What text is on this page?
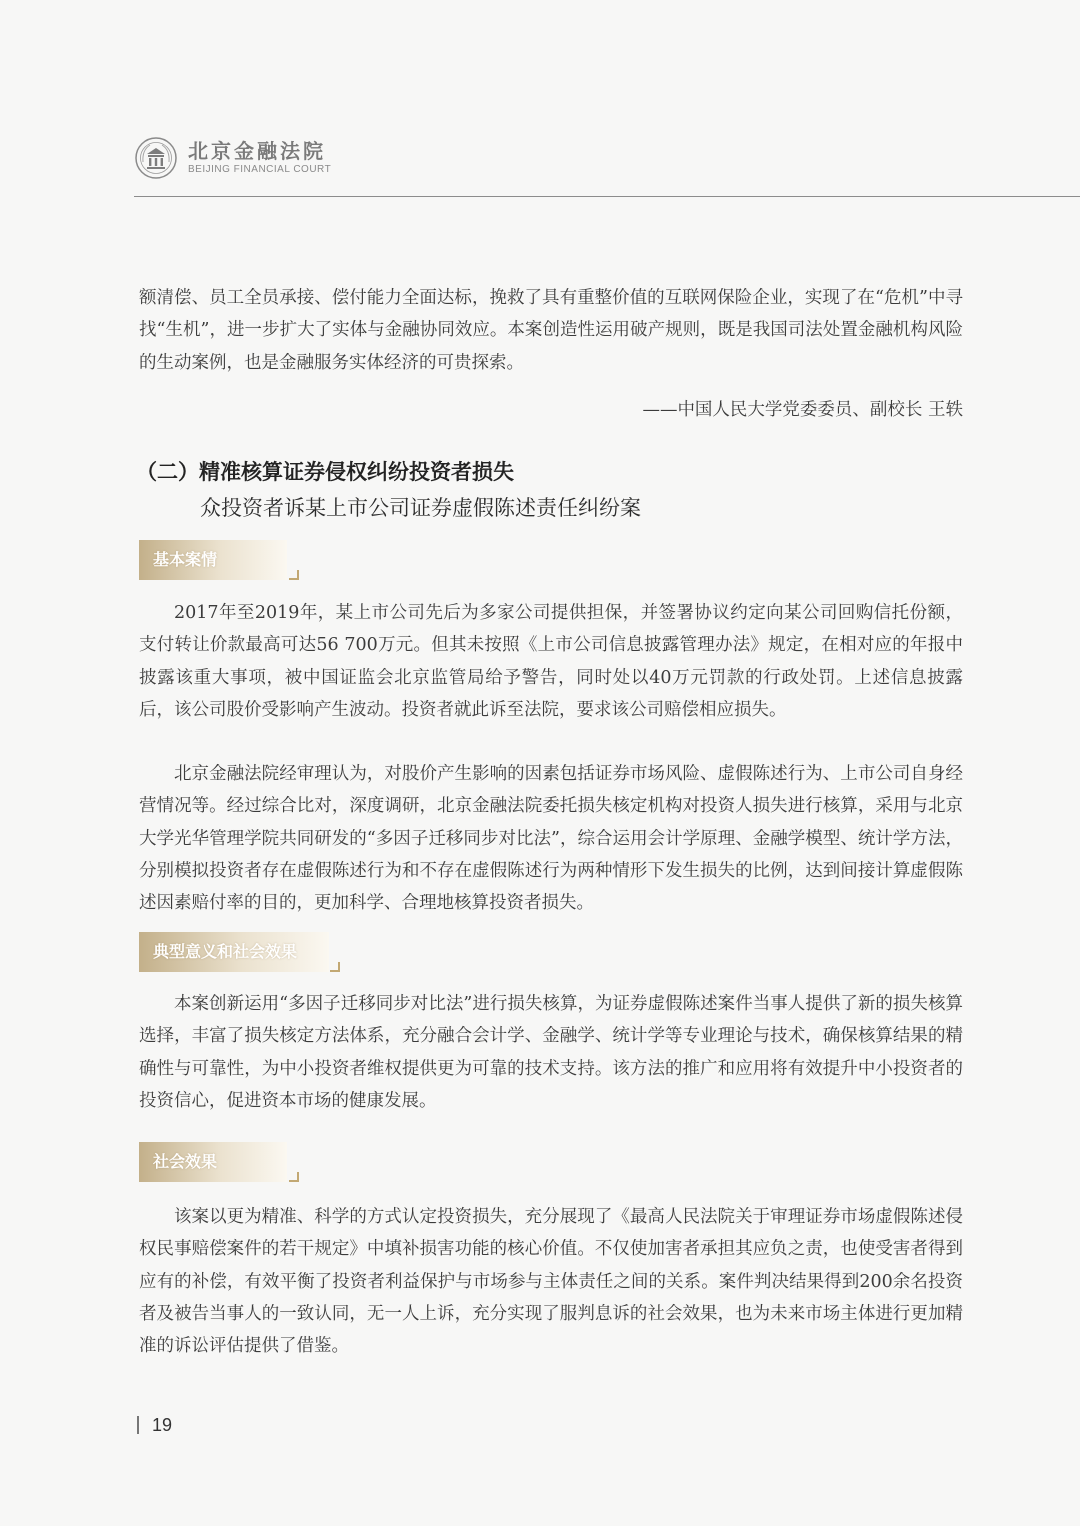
北京金融法院
BEIJING FINANCIAL COURT

额清偿、员工全员承接、偿付能力全面达标，挽救了具有重整价值的互联网保险企业，实现了在“危机”中寻找“生机”，进一步扩大了实体与金融协同效应。本案创造性运用破产规则，既是我国司法处置金融机构风险的生动案例，也是金融服务实体经济的可贵探索。

——中国人民大学党委委员、副校长 王轶
（二）精准核算证券侵权纠纷投资者损失
众投资者诉某上市公司证券虚假陈述责任纠纷案
基本案情

2017年至2019年，某上市公司先后为多家公司提供担保，并签署协议约定向某公司回购信托份额，支付转让价款最高可达56 700万元。但其未按照《上市公司信息披露管理办法》规定，在相对应的年报中披露该重大事项，被中国证监会北京监管局给予警告，同时处以40万元罚款的行政处罚。上述信息披露后，该公司股价受影响产生波动。投资者就此诉至法院，要求该公司赔偿相应损失。

北京金融法院经审理认为，对股价产生影响的因素包括证券市场风险、虚假陈述行为、上市公司自身经营情况等。经过综合比对，深度调研，北京金融法院委托损失核定机构对投资人损失进行核算，采用与北京大学光华管理学院共同研发的“多因子迁移同步对比法”，综合运用会计学原理、金融学模型、统计学方法，分别模拟投资者存在虚假陈述行为和不存在虚假陈述行为两种情形下发生损失的比例，达到间接计算虚假陈述因素赔付率的目的，更加科学、合理地核算投资者损失。

典型意义和社会效果

本案创新运用“多因子迁移同步对比法”进行损失核算，为证券虚假陈述案件当事人提供了新的损失核算选择，丰富了损失核定方法体系，充分融合会计学、金融学、统计学等专业理论与技术，确保核算结果的精确性与可靠性，为中小投资者维权提供更为可靠的技术支持。该方法的推广和应用将有效提升中小投资者的投资信心，促进资本市场的健康发展。

社会效果

该案以更为精准、科学的方式认定投资损失，充分展现了《最高人民法院关于审理证券市场虚假陈述侵权民事赔偿案件的若干规定》中填补损害功能的核心价值。不仅使加害者承担其应负之责，也使受害者得到应有的补偿，有效平衡了投资者利益保护与市场参与主体责任之间的关系。案件判决结果得到200余名投资者及被告当事人的一致认同，无一人上诉，充分实现了服判息诉的社会效果，也为未来市场主体进行更加精准的诉讼评估提供了借鉴。

19
